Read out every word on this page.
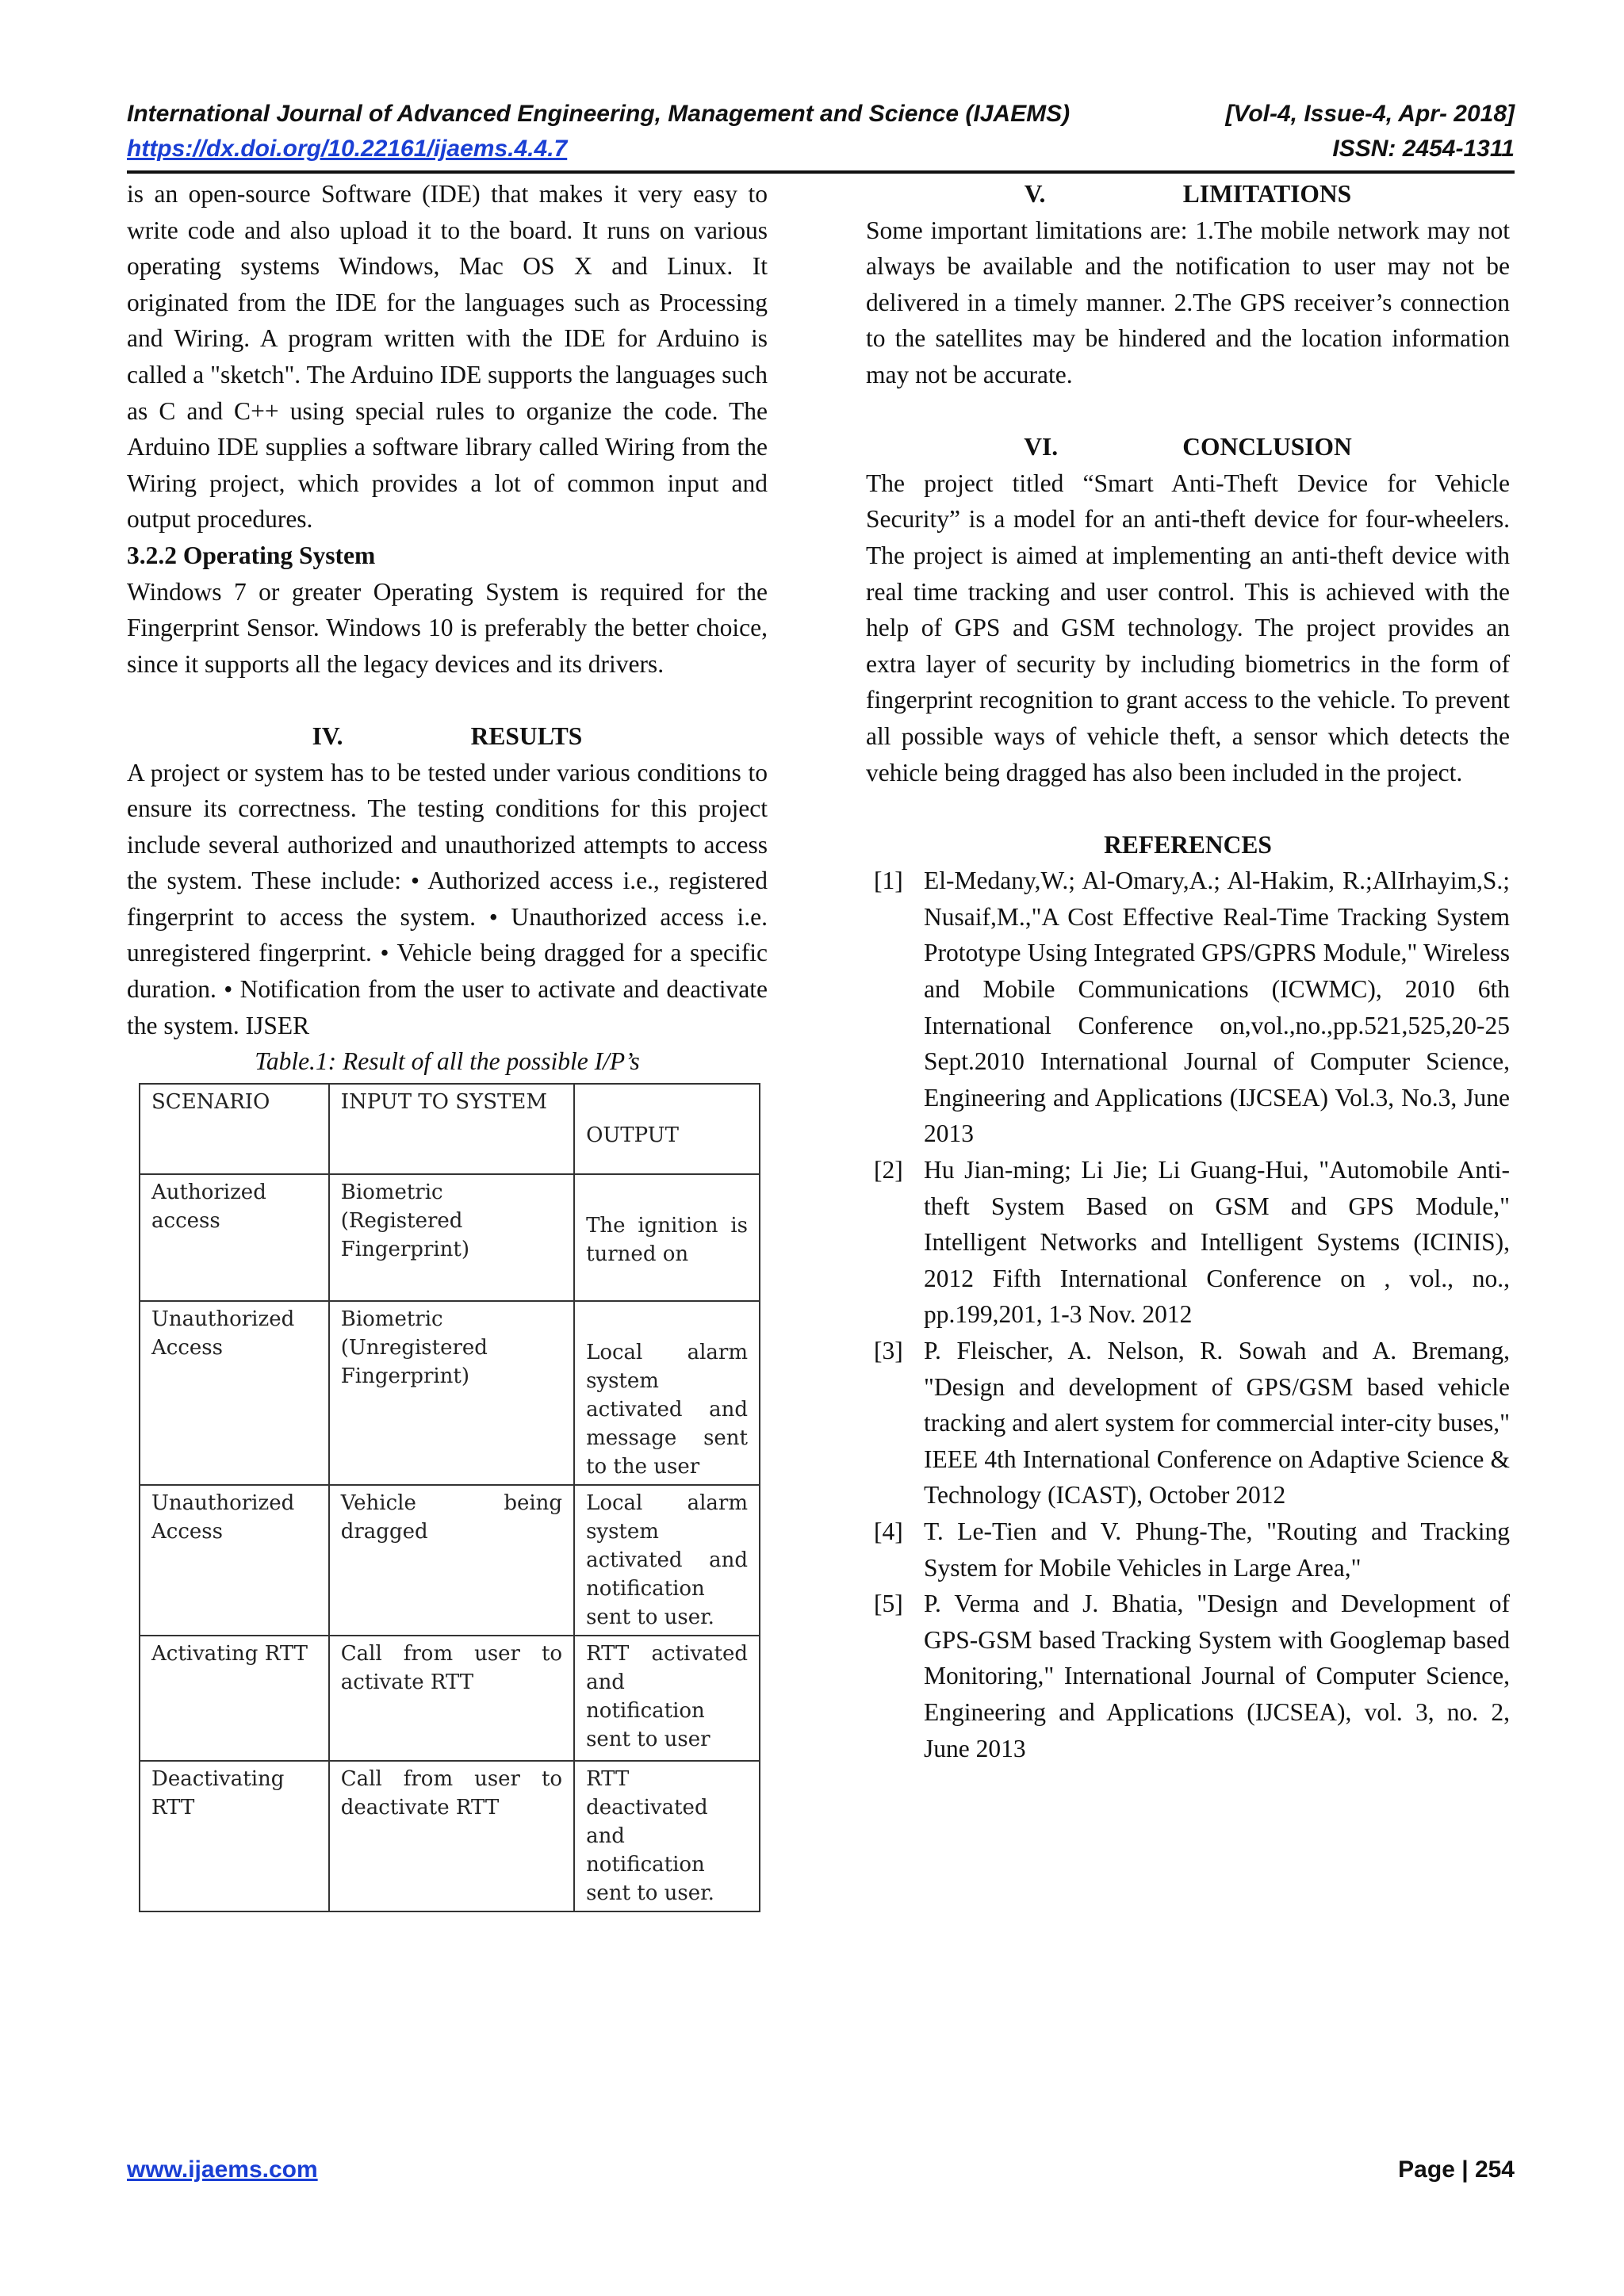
International Journal of Advanced Engineering, Management and Science (IJAEMS)	[Vol-4, Issue-4, Apr- 2018]
https://dx.doi.org/10.22161/ijaems.4.4.7	ISSN: 2454-1311

is an open-source Software (IDE) that makes it very easy to write code and also upload it to the board. It runs on various operating systems Windows, Mac OS X and Linux. It originated from the IDE for the languages such as Processing and Wiring. A program written with the IDE for Arduino is called a "sketch". The Arduino IDE supports the languages such as C and C++ using special rules to organize the code. The Arduino IDE supplies a software library called Wiring from the Wiring project, which provides a lot of common input and output procedures.

3.2.2 Operating System

Windows 7 or greater Operating System is required for the Fingerprint Sensor. Windows 10 is preferably the better choice, since it supports all the legacy devices and its drivers.

IV.	RESULTS

A project or system has to be tested under various conditions to ensure its correctness. The testing conditions for this project include several authorized and unauthorized attempts to access the system. These include: • Authorized access i.e., registered fingerprint to access the system. • Unauthorized access i.e. unregistered fingerprint. • Vehicle being dragged for a specific duration. • Notification from the user to activate and deactivate the system. IJSER

Table.1: Result of all the possible I/P’s
SCENARIO	INPUT TO SYSTEM	OUTPUT
Authorized access	Biometric (Registered Fingerprint)	The ignition is turned on
Unauthorized Access	Biometric (Unregistered Fingerprint)	Local alarm system activated and message sent to the user
Unauthorized Access	Vehicle being dragged	Local alarm system activated and notification sent to user.
Activating RTT	Call from user to activate RTT	RTT activated and notification sent to user
Deactivating RTT	Call from user to deactivate RTT	RTT deactivated and notification sent to user.
V.	LIMITATIONS

Some important limitations are: 1.The mobile network may not always be available and the notification to user may not be delivered in a timely manner. 2.The GPS receiver’s connection to the satellites may be hindered and the location information may not be accurate.

VI.	CONCLUSION

The project titled “Smart Anti-Theft Device for Vehicle Security” is a model for an anti-theft device for four-wheelers. The project is aimed at implementing an anti-theft device with real time tracking and user control. This is achieved with the help of GPS and GSM technology. The project provides an extra layer of security by including biometrics in the form of fingerprint recognition to grant access to the vehicle. To prevent all possible ways of vehicle theft, a sensor which detects the vehicle being dragged has also been included in the project.

REFERENCES
[1] El-Medany,W.; Al-Omary,A.; Al-Hakim, R.;AlIrhayim,S.; Nusaif,M.,"A Cost Effective Real-Time Tracking System Prototype Using Integrated GPS/GPRS Module," Wireless and Mobile Communications (ICWMC), 2010 6th International Conference on,vol.,no.,pp.521,525,20-25 Sept.2010 International Journal of Computer Science, Engineering and Applications (IJCSEA) Vol.3, No.3, June 2013
[2] Hu Jian-ming; Li Jie; Li Guang-Hui, "Automobile Anti-theft System Based on GSM and GPS Module," Intelligent Networks and Intelligent Systems (ICINIS), 2012 Fifth International Conference on , vol., no., pp.199,201, 1-3 Nov. 2012
[3] P. Fleischer, A. Nelson, R. Sowah and A. Bremang, "Design and development of GPS/GSM based vehicle tracking and alert system for commercial inter-city buses," IEEE 4th International Conference on Adaptive Science & Technology (ICAST), October 2012
[4] T. Le-Tien and V. Phung-The, "Routing and Tracking System for Mobile Vehicles in Large Area,"
[5] P. Verma and J. Bhatia, "Design and Development of GPS-GSM based Tracking System with Googlemap based Monitoring," International Journal of Computer Science, Engineering and Applications (IJCSEA), vol. 3, no. 2, June 2013
www.ijaems.com	Page | 254
